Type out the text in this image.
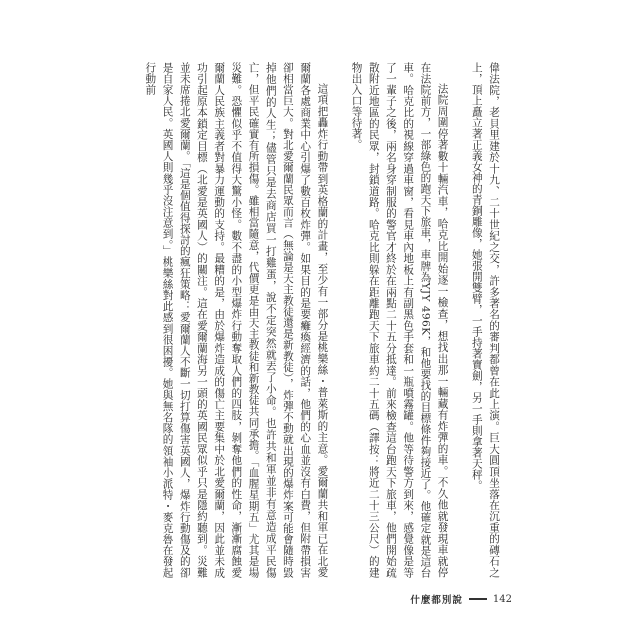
偉法院，老貝里建於十九、二十世紀之交，許多著名的審判都曾在此上演。巨大圓頂坐落在沉重的磚石之上，頂上矗立著正義女神的青銅雕像，她張開雙臂，一手持著寶劍，另一手則拿著天秤。

法院周圍停著數十輛汽車，哈克比開始逐一檢查，想找出那一輛藏有炸彈的車。不久他就發現車就停在法院前方，一部綠色的跑天下旅車，車牌為YJY 496K，和他要找的目標條件夠接近了。他確定就是這台車。哈克比的視線穿過車窗，看見車內地板上有副黑色手套和一瓶噴霧罐。他等待警方到來，感覺像是等了一輩子之後，兩名身穿制服的警官才終於在兩點二十五分抵達。前來檢查這台跑天下旅車，他們開始疏散附近地區的民眾，封鎖道路。哈克比則躲在距離跑天下旅車約二十五碼（譯按：將近二十三公尺）的建物出入口等待著。

這項把轟炸行動帶到英格蘭的計畫，至少有一部分是桃樂絲・普萊斯的主意。愛爾蘭共和軍已在北愛爾蘭各處商業中心引爆了數百枚炸彈。如果目的是要癱瘓經濟的話，他們的心血並沒有白費，但附帶損害卻相當巨大。對北愛爾蘭民眾而言（無論是天主教徒還是新教徒），炸彈不動就出現的爆炸案可能會隨時毀掉他們的人生；儘管只是去商店買一打雞蛋，說不定突然就丟了小命。也許共和軍並非有意造成平民傷亡，但平民確實有所損傷。雖相當隨意，代價更是由天主教徒和新教徒共同承擔。「血腥星期五」尤其是場災難。恐懼似乎不值得大驚小怪。數不盡的小型爆炸行動奪取人們的四肢，剝奪他們的性命，漸漸腐蝕愛爾蘭人民族主義者對暴力運動的支持。最糟的是，由於爆炸造成的傷亡主要集中於北愛爾蘭，因此並未成功引起原本鎖定目標（北愛是英國人）的關注。這在愛爾蘭海另一頭的英國民眾似乎只是隱約聽到。災難並未席捲北愛爾蘭。「這是個值得探討的瘋狂策略：愛爾蘭人不斷一切打算傷害英國人，爆炸行動傷及的卻是自家人民。英國人則幾乎沒注意到。」桃樂絲對此感到很困擾。她與無名隊的領袖小派特・麥克魯在發起行動前

什麼都別說	142
